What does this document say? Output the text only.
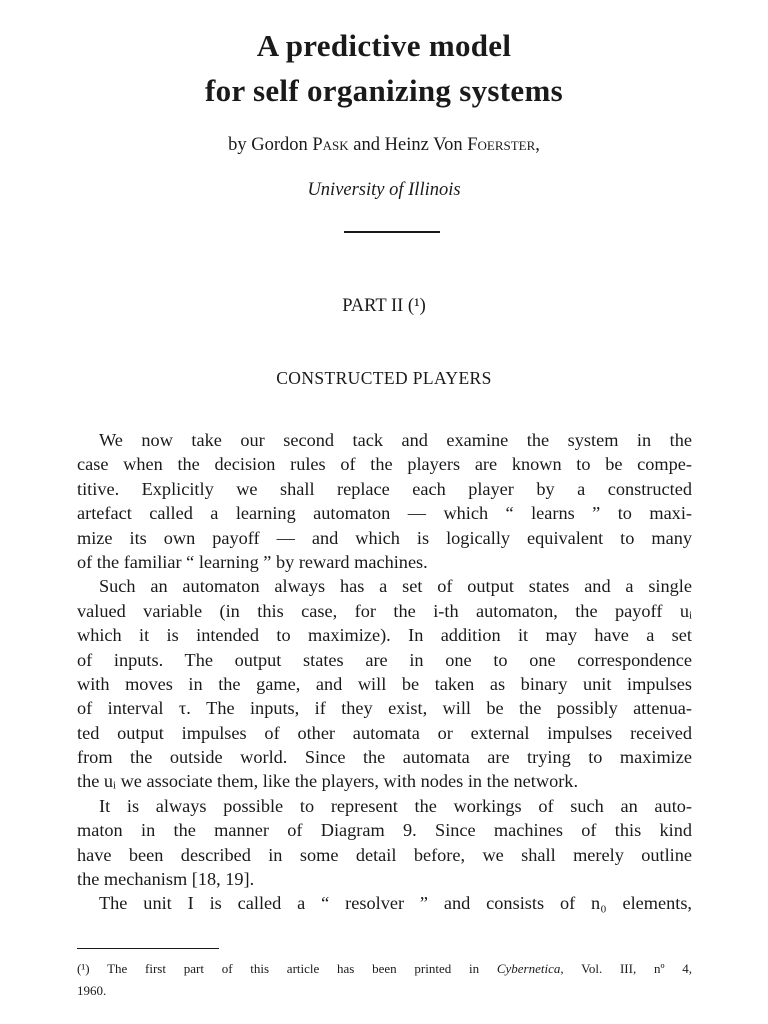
A predictive model
for self organizing systems
by Gordon Pask and Heinz Von Foerster,
University of Illinois
PART II (¹)
CONSTRUCTED PLAYERS
We now take our second tack and examine the system in the
case when the decision rules of the players are known to be compe-
titive. Explicitly we shall replace each player by a constructed
artefact called a learning automaton — which “ learns ” to maxi-
mize its own payoff — and which is logically equivalent to many
of the familiar “ learning ” by reward machines.
Such an automaton always has a set of output states and a single
valued variable (in this case, for the i-th automaton, the payoff uᵢ
which it is intended to maximize). In addition it may have a set
of inputs. The output states are in one to one correspondence
with moves in the game, and will be taken as binary unit impulses
of interval τ. The inputs, if they exist, will be the possibly attenua-
ted output impulses of other automata or external impulses received
from the outside world. Since the automata are trying to maximize
the uᵢ we associate them, like the players, with nodes in the network.
It is always possible to represent the workings of such an auto-
maton in the manner of Diagram 9. Since machines of this kind
have been described in some detail before, we shall merely outline
the mechanism [18, 19].
The unit I is called a “ resolver ” and consists of n₀ elements,
(¹) The first part of this article has been printed in Cybernetica, Vol. III, nº 4,
1960.
